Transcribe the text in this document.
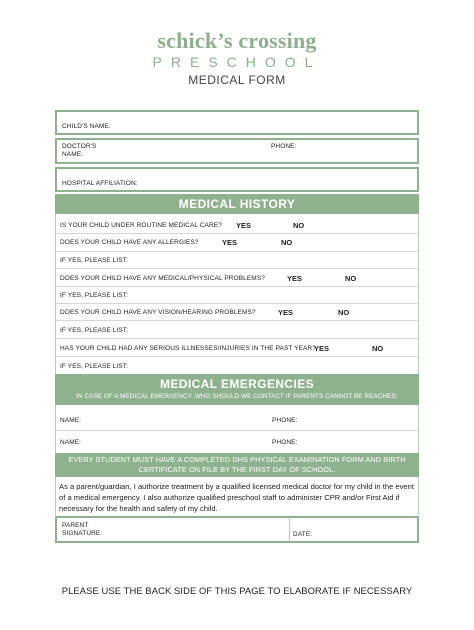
schick’s crossing
PRESCHOOL
MEDICAL FORM
CHILD'S NAME:
DOCTOR'S
NAME:
PHONE:
HOSPITAL AFFILIATION:
MEDICAL HISTORY
IS YOUR CHILD UNDER ROUTINE MEDICAL CARE? YES	NO
DOES YOUR CHILD HAVE ANY ALLERGIES?	YES	NO
IF YES, PLEASE LIST:
DOES YOUR CHILD HAVE ANY MEDICAL/PHYSICAL PROBLEMS?	YES	NO
IF YES, PLEASE LIST:
DOES YOUR CHILD HAVE ANY VISION/HEARING PROBLEMS?	YES	NO
IF YES, PLEASE LIST:
HAS YOUR CHILD HAD ANY SERIOUS ILLNESSES/INJURIES IN THE PAST YEAR?
YES	NO
IF YES, PLEASE LIST:
MEDICAL EMERGENCIES
IN CASE OF A MEDICAL EMERGENCY, WHO SHOULD WE CONTACT IF PARENTS CANNOT BE REACHED:
NAME:	PHONE:
NAME:	PHONE:
EVERY STUDENT MUST HAVE A COMPLETED DHS PHYSICAL EXAMINATION FORM AND BIRTH CERTIFICATE ON FILE BY THE FIRST DAY OF SCHOOL.
As a parent/guardian, I authorize treatment by a qualified licensed medical doctor for my child in the event of a medical emergency. I also authorize qualified preschool staff to administer CPR and/or First Aid if necessary for the health and safety of my child.
PARENT
SIGNATURE:	DATE:
PLEASE USE THE BACK SIDE OF THIS PAGE TO ELABORATE IF NECESSARY
